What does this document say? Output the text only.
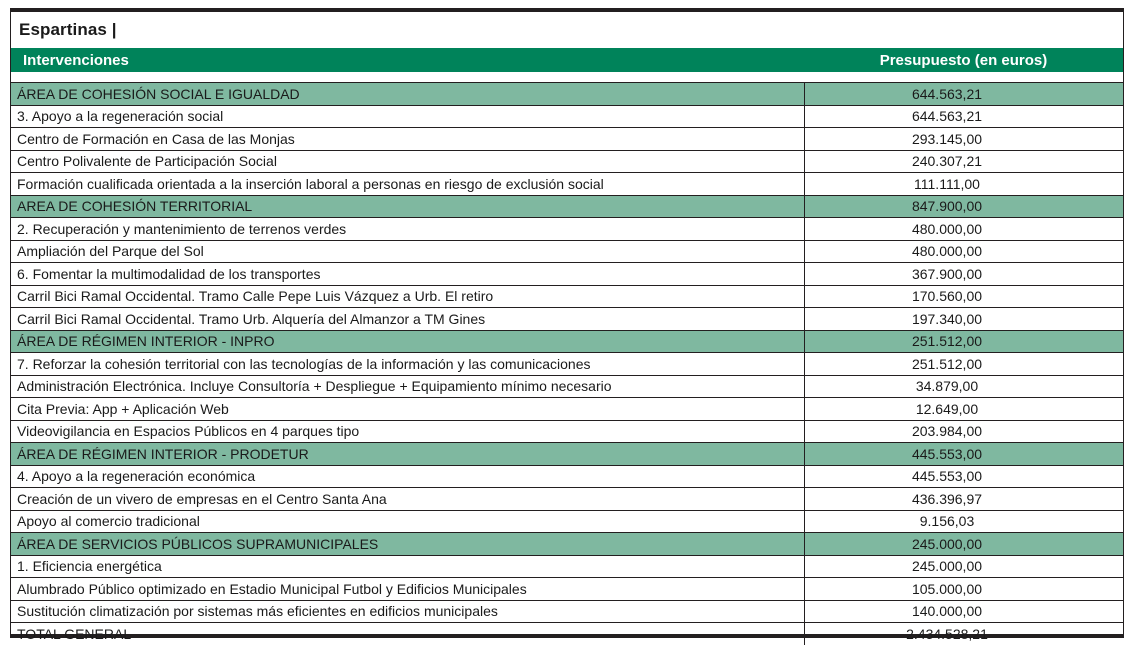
Espartinas |
Intervenciones	Presupuesto (en euros)
ÁREA DE COHESIÓN SOCIAL E IGUALDAD	644.563,21
3. Apoyo a la regeneración social	644.563,21
Centro de Formación en Casa de las Monjas	293.145,00
Centro Polivalente de Participación Social	240.307,21
Formación cualificada orientada a la inserción laboral a personas en riesgo de exclusión social	111.111,00
AREA DE COHESIÓN TERRITORIAL	847.900,00
2. Recuperación y mantenimiento de terrenos verdes	480.000,00
Ampliación del Parque del Sol	480.000,00
6. Fomentar la multimodalidad de los transportes	367.900,00
Carril Bici Ramal Occidental. Tramo Calle Pepe Luis Vázquez a Urb. El retiro	170.560,00
Carril Bici Ramal Occidental. Tramo Urb. Alquería del Almanzor a TM Gines	197.340,00
ÁREA DE RÉGIMEN INTERIOR - INPRO	251.512,00
7. Reforzar la cohesión territorial con las tecnologías de la información y las comunicaciones	251.512,00
Administración Electrónica. Incluye Consultoría + Despliegue + Equipamiento mínimo necesario	34.879,00
Cita Previa: App + Aplicación Web	12.649,00
Videovigilancia en Espacios Públicos en 4 parques tipo	203.984,00
ÁREA DE RÉGIMEN INTERIOR - PRODETUR	445.553,00
4. Apoyo a la regeneración económica	445.553,00
Creación de un vivero de empresas en el Centro Santa Ana	436.396,97
Apoyo al comercio tradicional	9.156,03
ÁREA DE SERVICIOS PÚBLICOS SUPRAMUNICIPALES	245.000,00
1. Eficiencia energética	245.000,00
Alumbrado Público optimizado en Estadio Municipal Futbol y Edificios Municipales	105.000,00
Sustitución climatización por sistemas más eficientes en edificios municipales	140.000,00
TOTAL GENERAL	2.434.528,21
